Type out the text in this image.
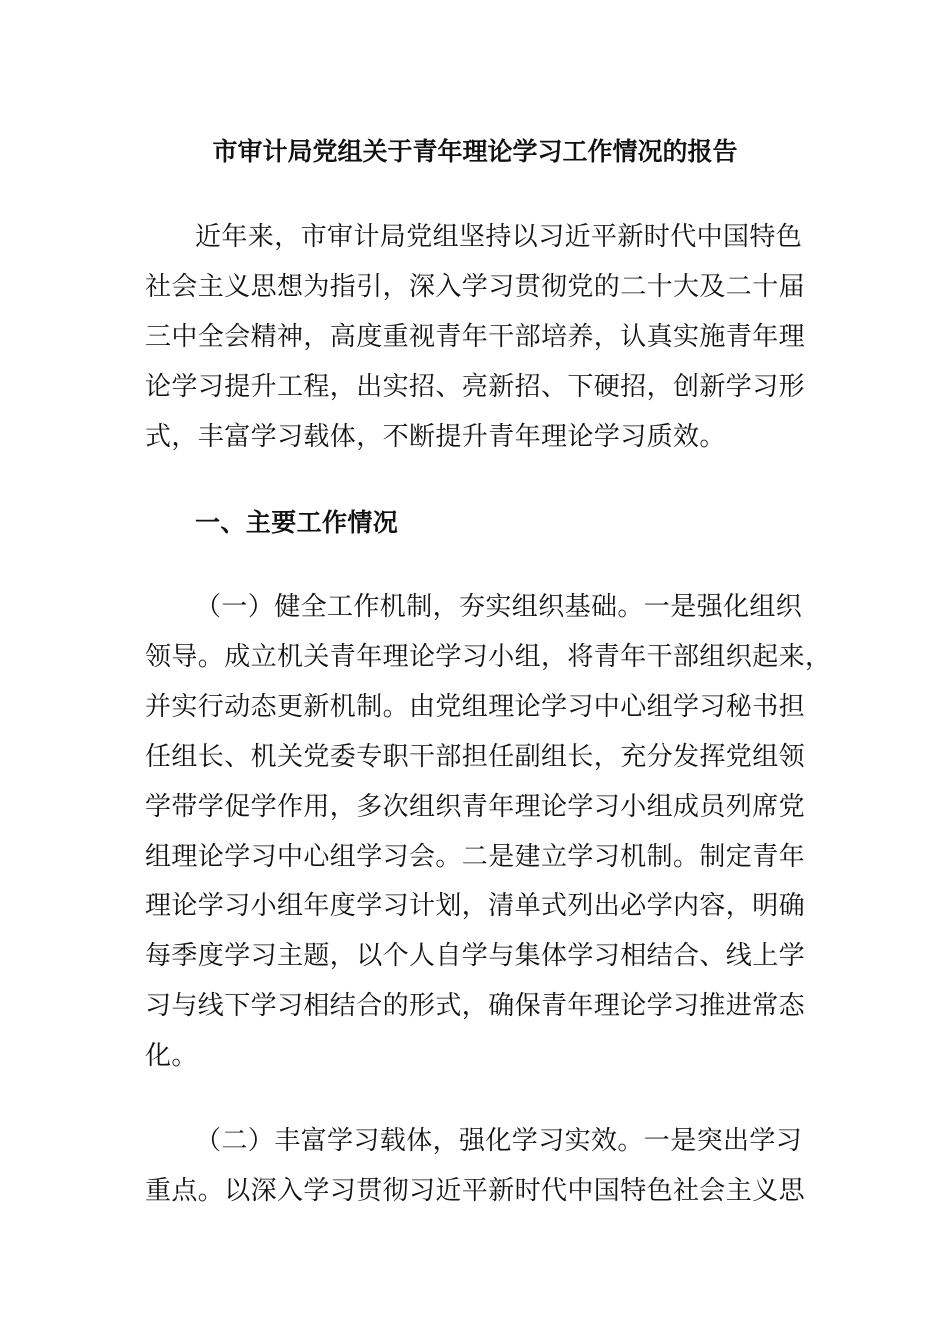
市审计局党组关于青年理论学习工作情况的报告
近年来，市审计局党组坚持以习近平新时代中国特色
社会主义思想为指引，深入学习贯彻党的二十大及二十届
三中全会精神，高度重视青年干部培养，认真实施青年理
论学习提升工程，出实招、亮新招、下硬招，创新学习形
式，丰富学习载体，不断提升青年理论学习质效。
一、主要工作情况
（一）健全工作机制，夯实组织基础。一是强化组织
领导。成立机关青年理论学习小组，将青年干部组织起来，
并实行动态更新机制。由党组理论学习中心组学习秘书担
任组长、机关党委专职干部担任副组长，充分发挥党组领
学带学促学作用，多次组织青年理论学习小组成员列席党
组理论学习中心组学习会。二是建立学习机制。制定青年
理论学习小组年度学习计划，清单式列出必学内容，明确
每季度学习主题，以个人自学与集体学习相结合、线上学
习与线下学习相结合的形式，确保青年理论学习推进常态
化。
（二）丰富学习载体，强化学习实效。一是突出学习
重点。以深入学习贯彻习近平新时代中国特色社会主义思
